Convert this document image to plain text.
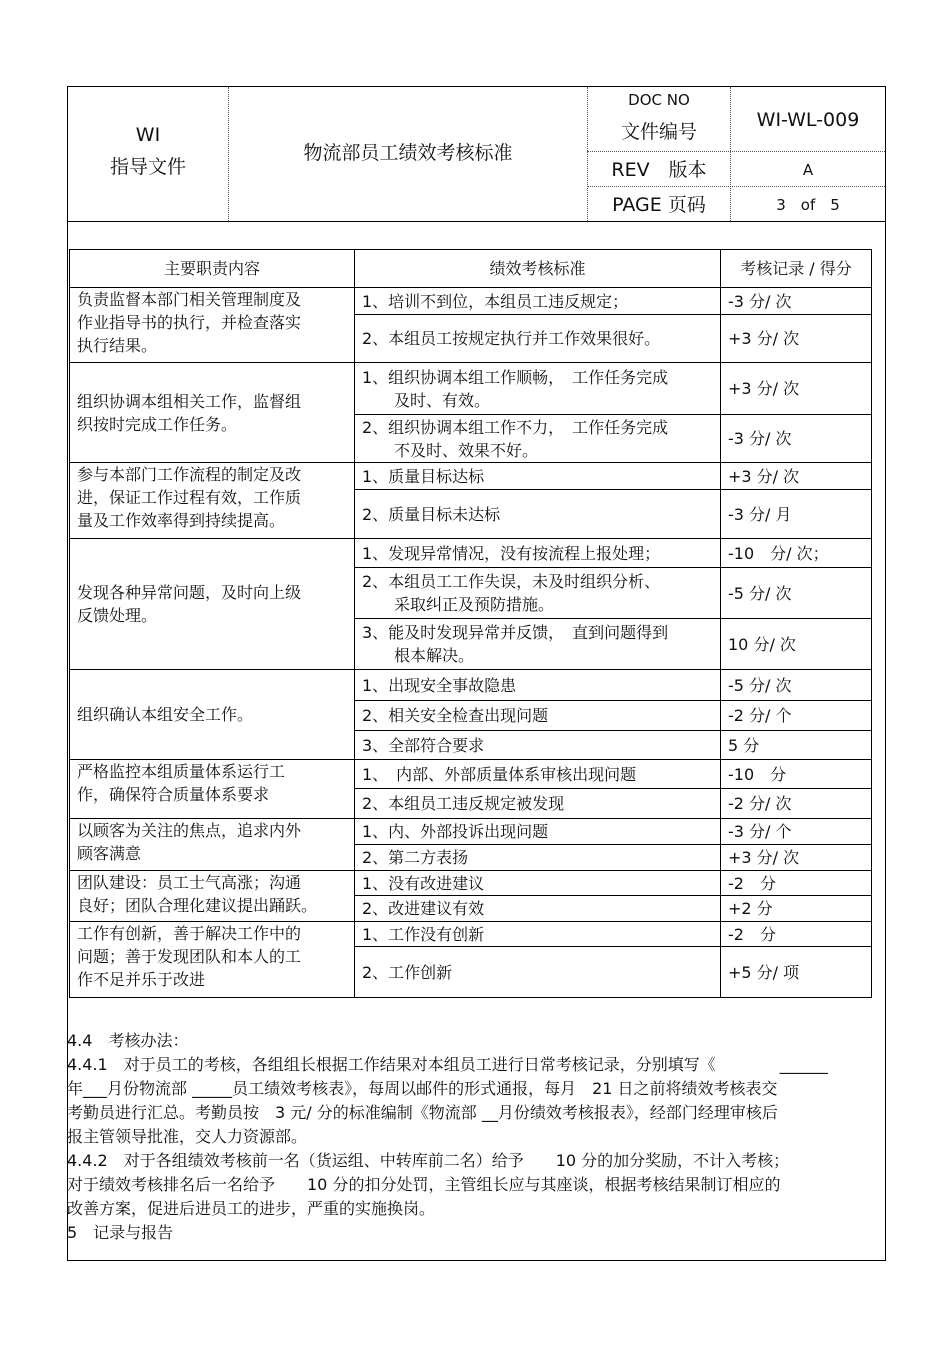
WI
指导文件
物流部员工绩效考核标准
DOC NO
文件编号
WI-WL-009
REV　版本	A
PAGE 页码	3　of　5
主要职责内容	绩效考核标准	考核记录 / 得分
负责监督本部门相关管理制度及
作业指导书的执行，并检查落实
执行结果。	1、培训不到位，本组员工违反规定；	-3 分/ 次
	2、本组员工按规定执行并工作效果很好。	+3 分/ 次
组织协调本组相关工作，监督组
织按时完成工作任务。	1、组织协调本组工作顺畅，　工作任务完成
　　及时、有效。	+3 分/ 次
	2、组织协调本组工作不力，　工作任务完成
　　不及时、效果不好。	-3 分/ 次
参与本部门工作流程的制定及改
进，保证工作过程有效，工作质
量及工作效率得到持续提高。	1、质量目标达标	+3 分/ 次
	2、质量目标未达标	-3 分/ 月
发现各种异常问题，及时向上级
反馈处理。	1、发现异常情况，没有按流程上报处理；	-10　分/ 次；
	2、本组员工工作失误，未及时组织分析、
　　采取纠正及预防措施。	-5 分/ 次
	3、能及时发现异常并反馈，　直到问题得到
　　根本解决。	10 分/ 次
组织确认本组安全工作。	1、出现安全事故隐患	-5 分/ 次
	2、相关安全检查出现问题	-2 分/ 个
	3、全部符合要求	5 分
严格监控本组质量体系运行工
作，确保符合质量体系要求	1、　内部、外部质量体系审核出现问题	-10　分
	2、本组员工违反规定被发现	-2 分/ 次
以顾客为关注的焦点，追求内外
顾客满意	1、内、外部投诉出现问题	-3 分/ 个
	2、第二方表扬	+3 分/ 次
团队建设：员工士气高涨；沟通
良好；团队合理化建议提出踊跃。	1、没有改进建议	-2　分
	2、改进建议有效	+2 分
工作有创新，善于解决工作中的
问题；善于发现团队和本人的工
作不足并乐于改进	1、工作没有创新	-2　分
	2、工作创新	+5 分/ 项

4.4　考核办法：

4.4.1　对于员工的考核，各组组长根据工作结果对本组员工进行日常考核记录，分别填写《　　　　______

年___月份物流部 _____员工绩效考核表》，每周以邮件的形式通报，每月　21 日之前将绩效考核表交

考勤员进行汇总。考勤员按　3 元/ 分的标准编制《物流部 __月份绩效考核报表》，经部门经理审核后

报主管领导批准，交人力资源部。

4.4.2　对于各组绩效考核前一名（货运组、中转库前二名）给予　　10 分的加分奖励，不计入考核；

对于绩效考核排名后一名给予　　10 分的扣分处罚，主管组长应与其座谈，根据考核结果制订相应的

改善方案，促进后进员工的进步，严重的实施换岗。

5　记录与报告
